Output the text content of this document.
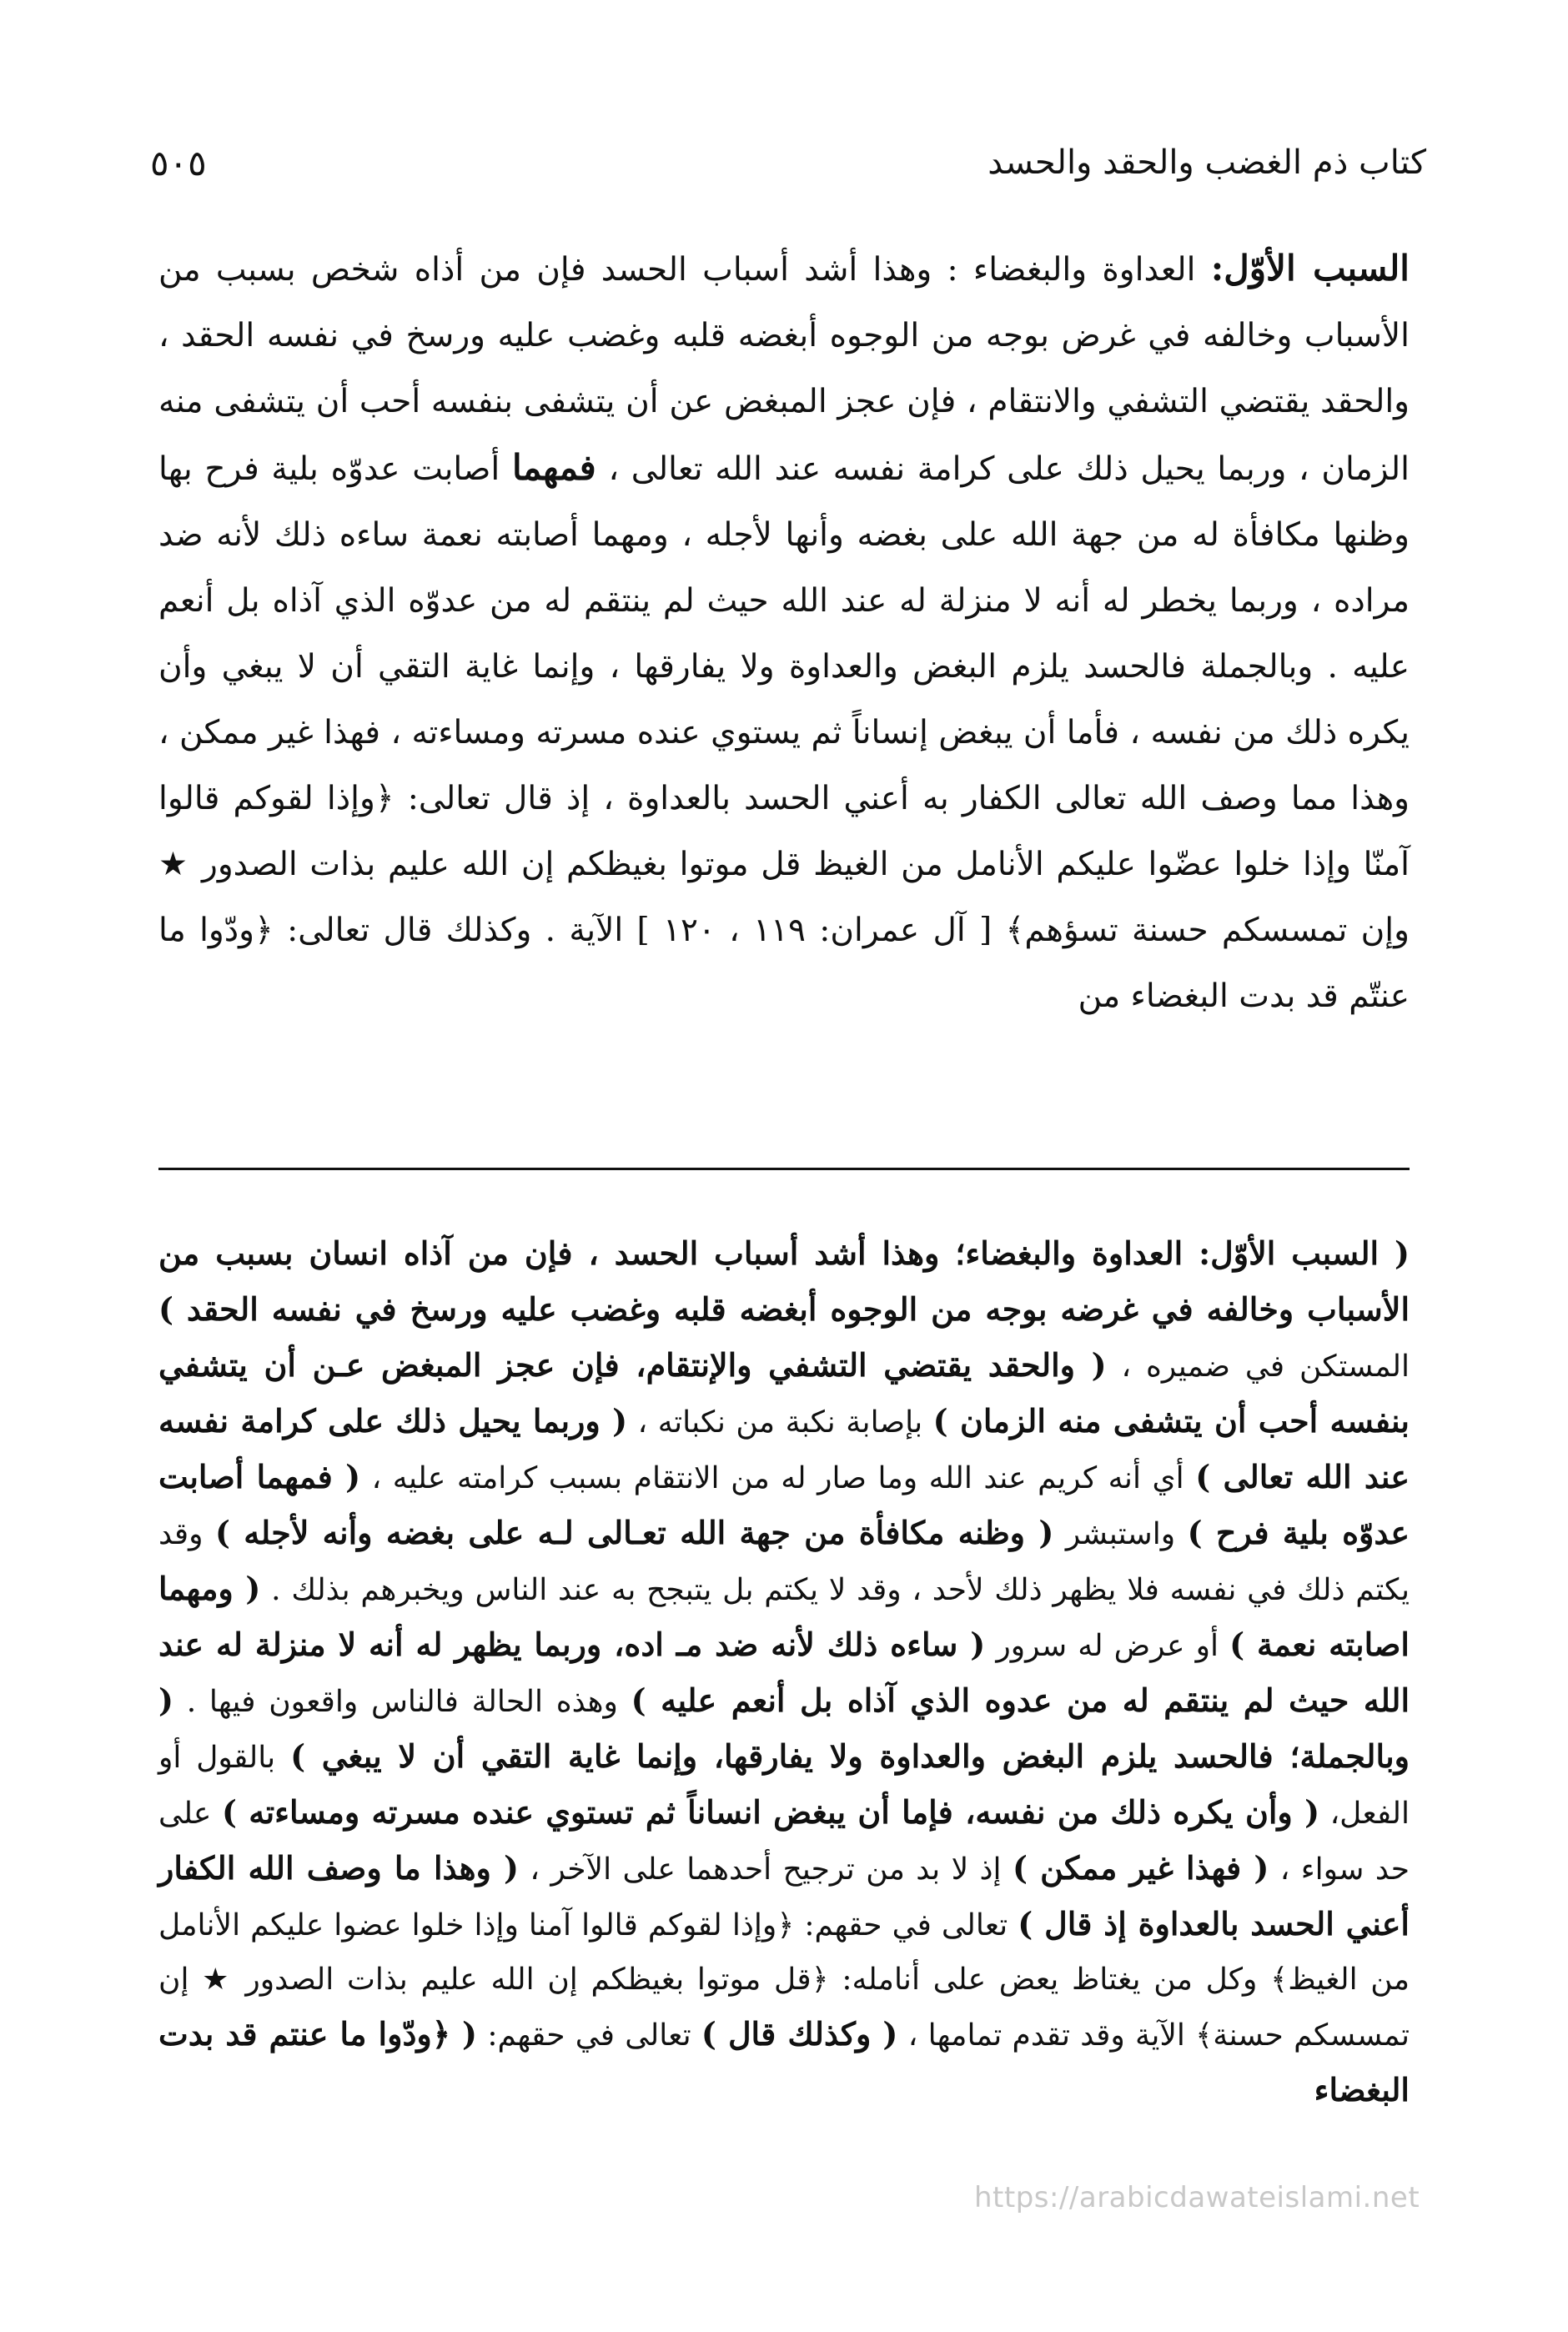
كتاب ذم الغضب والحقد والحسد
٥٠٥

السبب الأوّل: العداوة والبغضاء : وهذا أشد أسباب الحسد فإن من أذاه شخص بسبب من الأسباب وخالفه في غرض بوجه من الوجوه أبغضه قلبه وغضب عليه ورسخ في نفسه الحقد ، والحقد يقتضي التشفي والانتقام ، فإن عجز المبغض عن أن يتشفى بنفسه أحب أن يتشفى منه الزمان ، وربما يحيل ذلك على كرامة نفسه عند الله تعالى ، فمهما أصابت عدوّه بلية فرح بها وظنها مكافأة له من جهة الله على بغضه وأنها لأجله ، ومهما أصابته نعمة ساءه ذلك لأنه ضد مراده ، وربما يخطر له أنه لا منزلة له عند الله حيث لم ينتقم له من عدوّه الذي آذاه بل أنعم عليه . وبالجملة فالحسد يلزم البغض والعداوة ولا يفارقها ، وإنما غاية التقي أن لا يبغي وأن يكره ذلك من نفسه ، فأما أن يبغض إنساناً ثم يستوي عنده مسرته ومساءته ، فهذا غير ممكن ، وهذا مما وصف الله تعالى الكفار به أعني الحسد بالعداوة ، إذ قال تعالى: ﴿وإذا لقوكم قالوا آمنّا وإذا خلوا عضّوا عليكم الأنامل من الغيظ قل موتوا بغيظكم إن الله عليم بذات الصدور ★ وإن تمسسكم حسنة تسؤهم﴾ [ آل عمران: ١١٩ ، ١٢٠ ] الآية . وكذلك قال تعالى: ﴿ودّوا ما عنتّم قد بدت البغضاء من

( السبب الأوّل: العداوة والبغضاء؛ وهذا أشد أسباب الحسد ، فإن من آذاه انسان بسبب من الأسباب وخالفه في غرضه بوجه من الوجوه أبغضه قلبه وغضب عليه ورسخ في نفسه الحقد ) المستكن في ضميره ، ( والحقد يقتضي التشفي والإنتقام، فإن عجز المبغض عـن أن يتشفي بنفسه أحب أن يتشفى منه الزمان ) بإصابة نكبة من نكباته ، ( وربما يحيل ذلك على كرامة نفسه عند الله تعالى ) أي أنه كريم عند الله وما صار له من الانتقام بسبب كرامته عليه ، ( فمهما أصابت عدوّه بلية فرح ) واستبشر ( وظنه مكافأة من جهة الله تعـالى لـه على بغضه وأنه لأجله ) وقد يكتم ذلك في نفسه فلا يظهر ذلك لأحد ، وقد لا يكتم بل يتبجح به عند الناس ويخبرهم بذلك . ( ومهما اصابته نعمة ) أو عرض له سرور ( ساءه ذلك لأنه ضد مـ اده، وربما يظهر له أنه لا منزلة له عند الله حيث لم ينتقم له من عدوه الذي آذاه بل أنعم عليه ) وهذه الحالة فالناس واقعون فيها . ( وبالجملة؛ فالحسد يلزم البغض والعداوة ولا يفارقها، وإنما غاية التقي أن لا يبغي ) بالقول أو الفعل، ( وأن يكره ذلك من نفسه، فإما أن يبغض انساناً ثم تستوي عنده مسرته ومساءته ) على حد سواء ، ( فهذا غير ممكن ) إذ لا بد من ترجيح أحدهما على الآخر ، ( وهذا ما وصف الله الكفار أعني الحسد بالعداوة إذ قال ) تعالى في حقهم: ﴿وإذا لقوكم قالوا آمنا وإذا خلوا عضوا عليكم الأنامل من الغيظ﴾ وكل من يغتاظ يعض على أنامله: ﴿قل موتوا بغيظكم إن الله عليم بذات الصدور ★ إن تمسسكم حسنة﴾ الآية وقد تقدم تمامها ، ( وكذلك قال ) تعالى في حقهم: ( ﴿ودّوا ما عنتم قد بدت البغضاء

https://arabicdawateislami.net
